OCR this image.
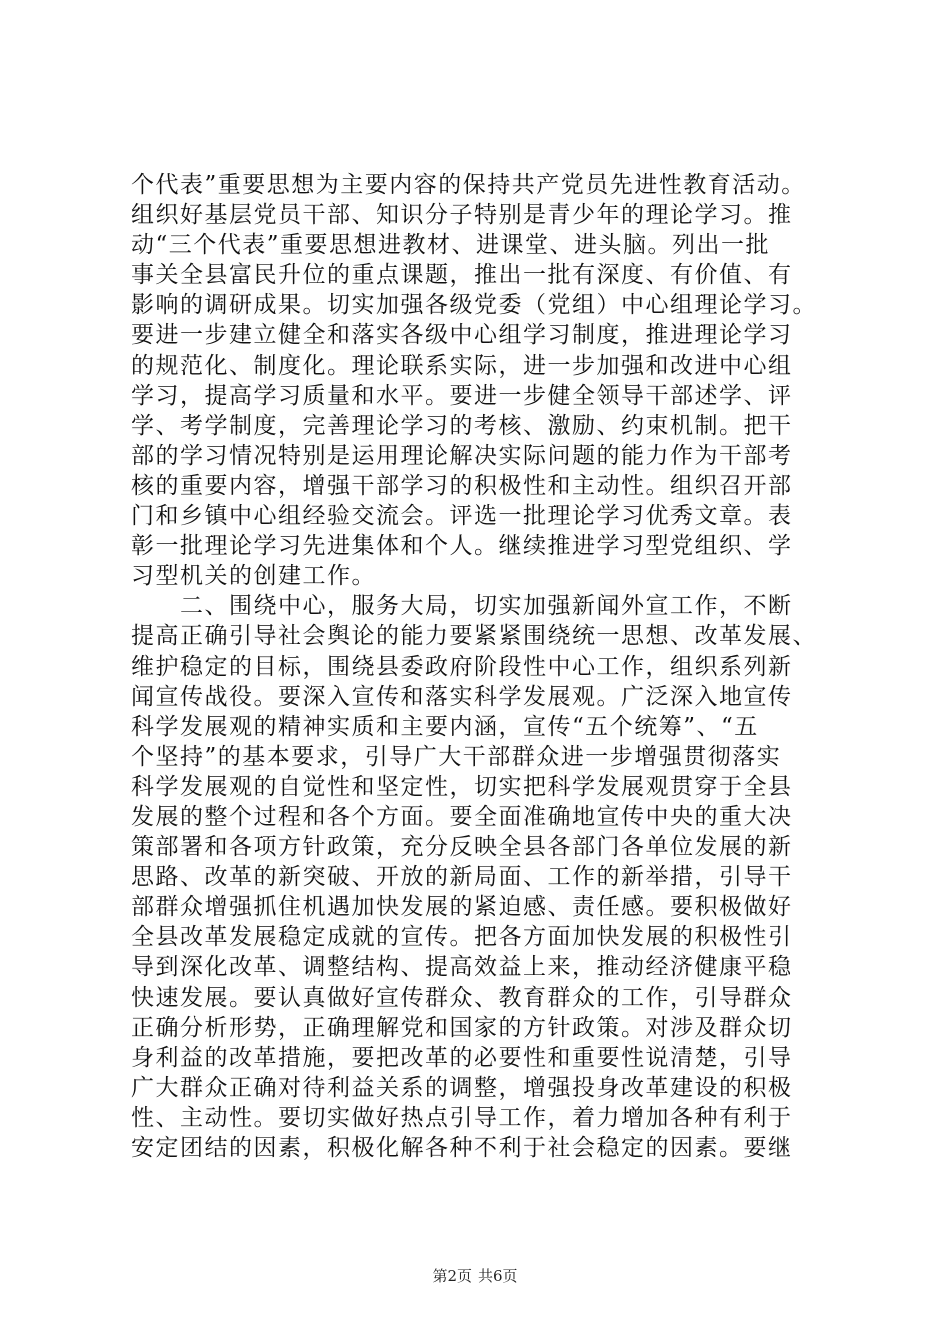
个代表”重要思想为主要内容的保持共产党员先进性教育活动。
组织好基层党员干部、知识分子特别是青少年的理论学习。推
动“三个代表”重要思想进教材、进课堂、进头脑。列出一批
事关全县富民升位的重点课题，推出一批有深度、有价值、有
影响的调研成果。切实加强各级党委（党组）中心组理论学习。
要进一步建立健全和落实各级中心组学习制度，推进理论学习
的规范化、制度化。理论联系实际，进一步加强和改进中心组
学习，提高学习质量和水平。要进一步健全领导干部述学、评
学、考学制度，完善理论学习的考核、激励、约束机制。把干
部的学习情况特别是运用理论解决实际问题的能力作为干部考
核的重要内容，增强干部学习的积极性和主动性。组织召开部
门和乡镇中心组经验交流会。评选一批理论学习优秀文章。表
彰一批理论学习先进集体和个人。继续推进学习型党组织、学
习型机关的创建工作。
　　二、围绕中心，服务大局，切实加强新闻外宣工作，不断
提高正确引导社会舆论的能力要紧紧围绕统一思想、改革发展、
维护稳定的目标，围绕县委政府阶段性中心工作，组织系列新
闻宣传战役。要深入宣传和落实科学发展观。广泛深入地宣传
科学发展观的精神实质和主要内涵，宣传“五个统筹”、“五
个坚持”的基本要求，引导广大干部群众进一步增强贯彻落实
科学发展观的自觉性和坚定性，切实把科学发展观贯穿于全县
发展的整个过程和各个方面。要全面准确地宣传中央的重大决
策部署和各项方针政策，充分反映全县各部门各单位发展的新
思路、改革的新突破、开放的新局面、工作的新举措，引导干
部群众增强抓住机遇加快发展的紧迫感、责任感。要积极做好
全县改革发展稳定成就的宣传。把各方面加快发展的积极性引
导到深化改革、调整结构、提高效益上来，推动经济健康平稳
快速发展。要认真做好宣传群众、教育群众的工作，引导群众
正确分析形势，正确理解党和国家的方针政策。对涉及群众切
身利益的改革措施，要把改革的必要性和重要性说清楚，引导
广大群众正确对待利益关系的调整，增强投身改革建设的积极
性、主动性。要切实做好热点引导工作，着力增加各种有利于
安定团结的因素，积极化解各种不利于社会稳定的因素。要继
第2页 共6页
